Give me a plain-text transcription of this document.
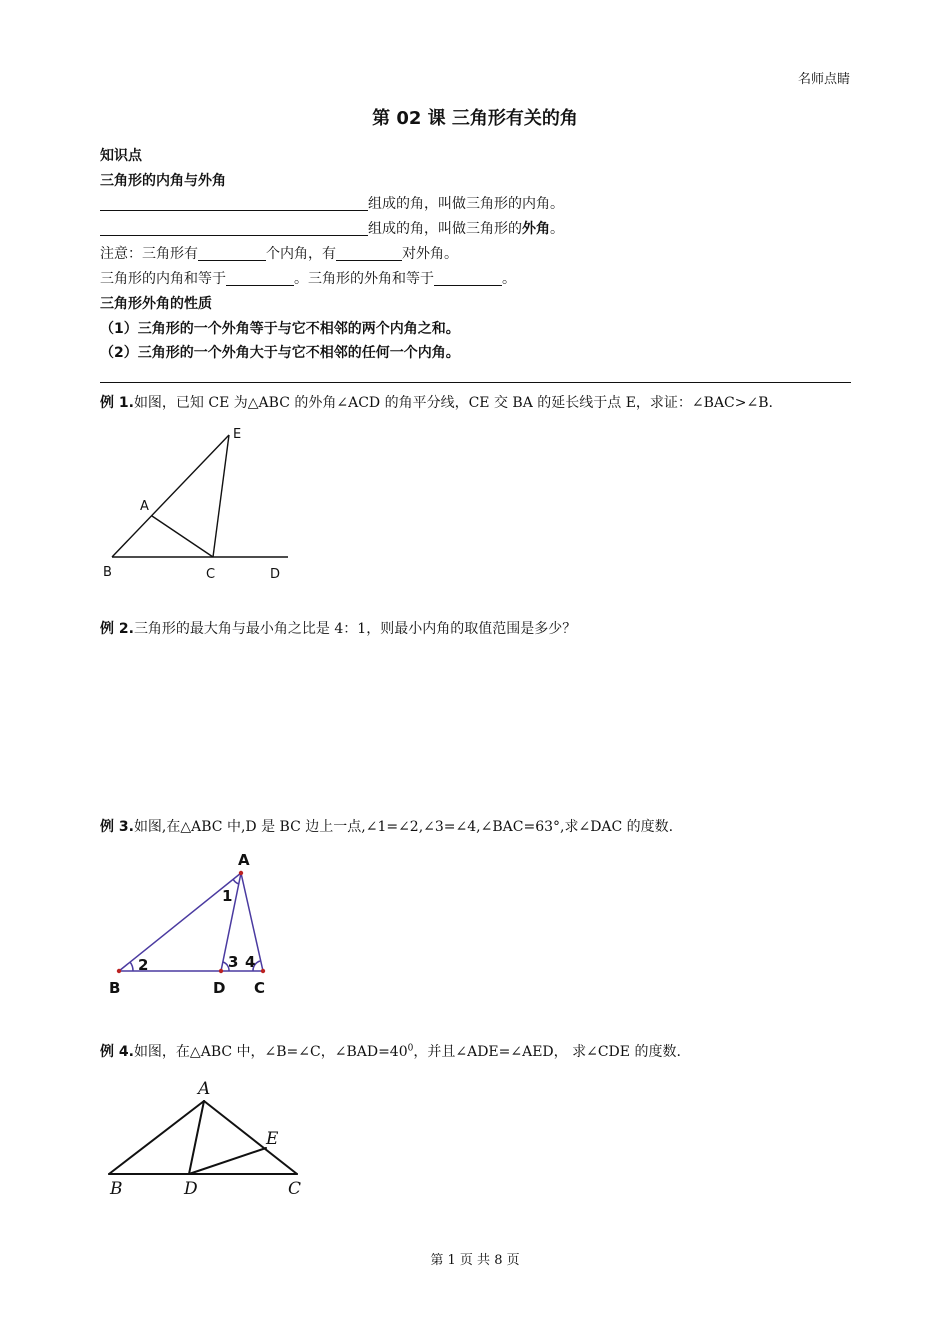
名师点睛
第 02 课 三角形有关的角
知识点
三角形的内角与外角
组成的角，叫做三角形的内角。
组成的角，叫做三角形的外角。
注意：三角形有	个内角，有	对外角。
三角形的内角和等于	。三角形的外角和等于	。
三角形外角的性质
（1）三角形的一个外角等于与它不相邻的两个内角之和。
（2）三角形的一个外角大于与它不相邻的任何一个内角。
例 1.如图，已知 CE 为△ABC 的外角∠ACD 的角平分线，CE 交 BA 的延长线于点 E，求证：∠BAC>∠B.
E
A
B	C	D
例 2.三角形的最大角与最小角之比是 4：1，则最小内角的取值范围是多少？
例 3.如图,在△ABC 中,D 是 BC 边上一点,∠1=∠2,∠3=∠4,∠BAC=63°,求∠DAC 的度数.
A
B	D C
1
2	3 4
例 4.如图，在△ABC 中，∠B=∠C，$\angle BAD=40^0$，并且∠ADE=∠AED， 求∠CDE 的度数.
A
B	D	C
E
第 1 页 共 8 页
